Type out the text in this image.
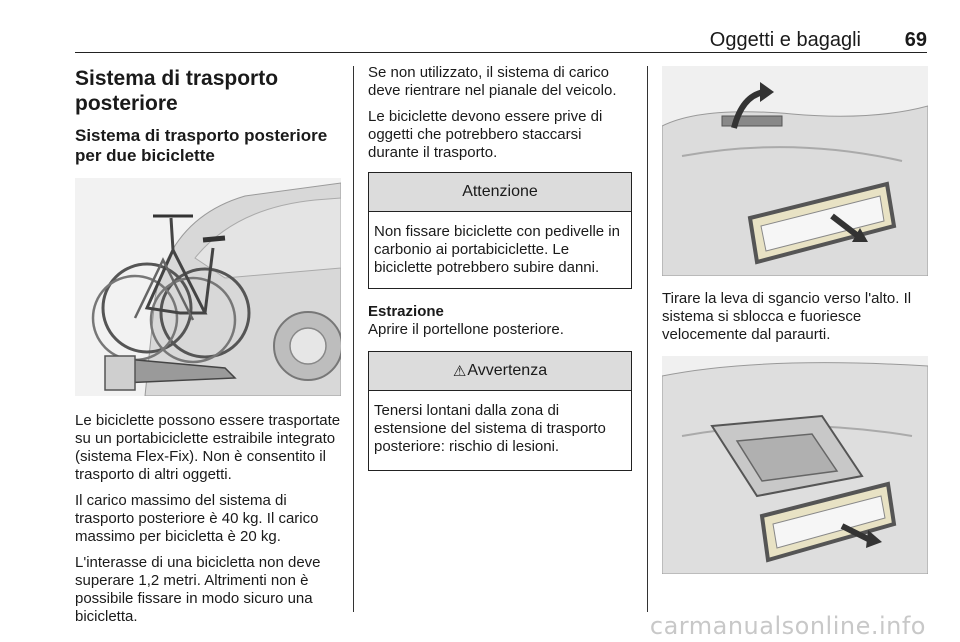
Oggetti e bagagli 69
Sistema di trasporto posteriore
Sistema di trasporto posteriore per due biciclette

Le biciclette possono essere trasportate su un portabiciclette estraibile integrato (sistema Flex-Fix). Non è consentito il trasporto di altri oggetti.

Il carico massimo del sistema di trasporto posteriore è 40 kg. Il carico massimo per bicicletta è 20 kg.

L'interasse di una bicicletta non deve superare 1,2 metri. Altrimenti non è possibile fissare in modo sicuro una bicicletta.

Se non utilizzato, il sistema di carico deve rientrare nel pianale del veicolo.

Le biciclette devono essere prive di oggetti che potrebbero staccarsi durante il trasporto.

Attenzione
Non fissare biciclette con pedivelle in carbonio ai portabiciclette. Le biciclette potrebbero subire danni.
Estrazione

Aprire il portellone posteriore.

⚠ Avvertenza
Tenersi lontani dalla zona di estensione del sistema di trasporto posteriore: rischio di lesioni.

Tirare la leva di sgancio verso l'alto. Il sistema si sblocca e fuoriesce velocemente dal paraurti.

carmanualsonline.info
